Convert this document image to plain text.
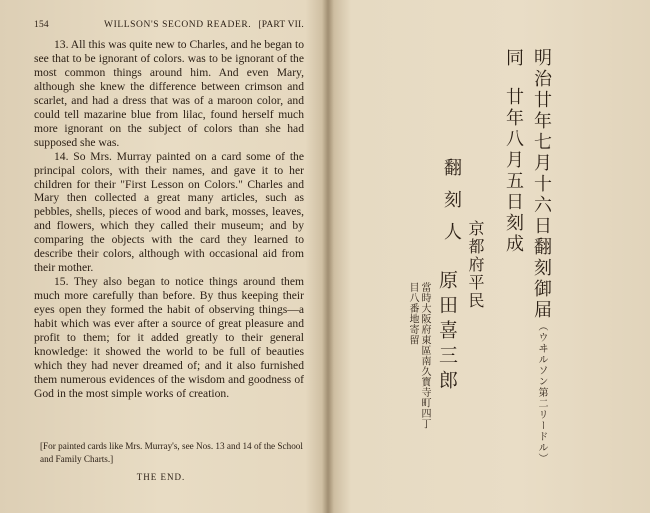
154	WILLSON'S SECOND READER. [PART VII.

13. All this was quite new to Charles, and he began to see that to be ignorant of colors. was to be ignorant of the most common things around him. And even Mary, although she knew the difference between crimson and scarlet, and had a dress that was of a maroon color, and could tell mazarine blue from lilac, found herself much more ignorant on the subject of colors than she had supposed she was.

14. So Mrs. Murray painted on a card some of the principal colors, with their names, and gave it to her children for their "First Lesson on Colors." Charles and Mary then collected a great many articles, such as pebbles, shells, pieces of wood and bark, mosses, leaves, and flowers, which they called their museum; and by comparing the objects with the card they learned to describe their colors, although with occasional aid from their mother.

15. They also began to notice things around them much more carefully than before. By thus keeping their eyes open they formed the habit of observing things—a habit which was ever after a source of great pleasure and profit to them; for it added greatly to their general knowledge: it showed the world to be full of beauties which they had never dreamed of; and it also furnished them numerous evidences of the wisdom and goodness of God in the most simple works of creation.

[For painted cards like Mrs. Murray's, see Nos. 13 and 14 of the School and Family Charts.]
THE END.
明治廿年七月十六日翻刻御届（ウヰルソン第二リードル）
同廿年八月五日刻成
翻刻人
京都府平民
原田喜三郎
當時大阪府東區南久寳寺町四丁目八番地寄留
